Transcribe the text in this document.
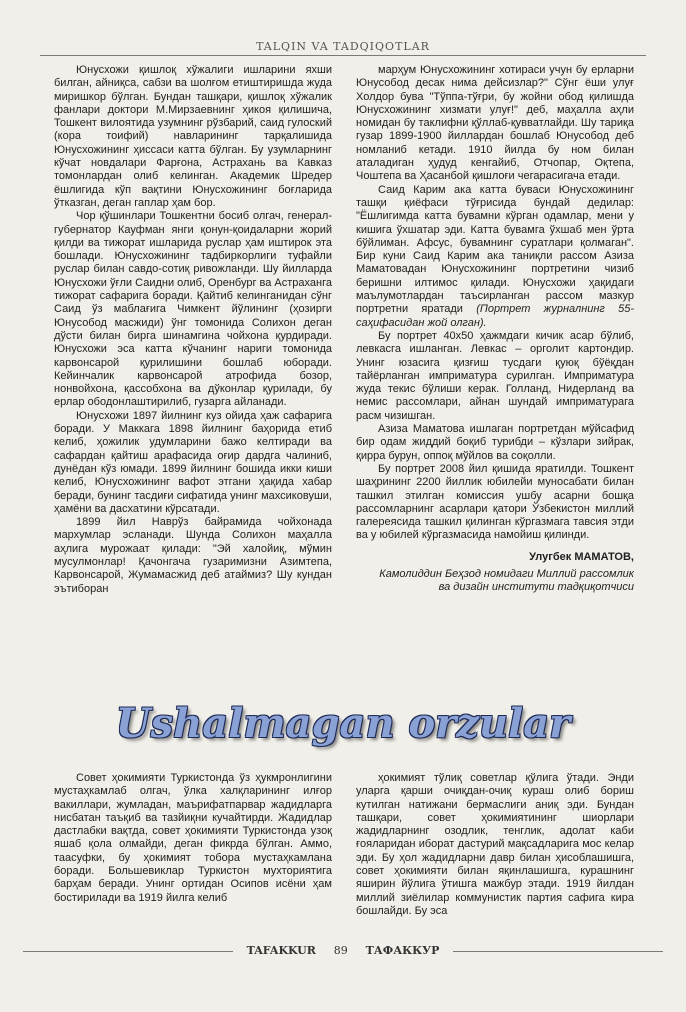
TALQIN VA TADQIQOTLAR

Юнусхожи қишлоқ хўжалиги ишларини яхши билган, айниқса, сабзи ва шолғом етиштиришда жуда миришкор бўлган. Бундан ташқари, қишлоқ хўжалик фанлари доктори М.Мирзаевнинг ҳикоя қилишича, Тошкент вилоятида узумнинг рўзбарий, саид гулоский (кора тоифий) навларининг тарқалишида Юнусхожининг ҳиссаси катта бўлган. Бу узумларнинг кўчат новдалари Фарғона, Астрахань ва Кавказ томонлардан олиб келинган. Академик Шредер ёшлигида кўп вақтини Юнусхожининг боғларида ўтказган, деган гаплар ҳам бор.

Чор қўшинлари Тошкентни босиб олгач, генерал-губернатор Кауфман янги қонун-қоидаларни жорий қилди ва тижорат ишларида руслар ҳам иштирок эта бошлади. Юнусхожининг тадбиркорлиги туфайли руслар билан савдо-сотиқ ривожланди. Шу йилларда Юнусхожи ўғли Саидни олиб, Оренбург ва Астраханга тижорат сафарига боради. Қайтиб келинганидан сўнг Саид ўз маблағига Чимкент йўлининг (ҳозирги Юнусобод масжиди) ўнг томонида Солихон деган дўсти билан бирга шинамгина чойхона қурдиради. Юнусхожи эса катта кўчанинг нариги томонида карвонсарой қурилишини бошлаб юборади. Кейинчалик карвонсарой атрофида бозор, нонвойхона, қассобхона ва дўконлар қурилади, бу ерлар ободонлаштирилиб, гузарга айланади.

Юнусхожи 1897 йилнинг куз ойида ҳаж сафарига боради. У Маккага 1898 йилнинг баҳорида етиб келиб, ҳожилик удумларини бажо келтиради ва сафардан қайтиш арафасида оғир дардга чалиниб, дунёдан кўз юмади. 1899 йилнинг бошида икки киши келиб, Юнусхожининг вафот этгани ҳақида хабар беради, бунинг тасдиғи сифатида унинг махсиковуши, ҳамёни ва дасхатини кўрсатади.

1899 йил Наврўз байрамида чойхонада мархумлар эсланади. Шунда Солихон маҳалла аҳлига мурожаат қилади: "Эй халойиқ, мўмин мусулмонлар! Қачонгача гузаримизни Азимтепа, Карвонсарой, Жумамасжид деб атаймиз? Шу кундан эътиборан

марҳум Юнусхожининг хотираси учун бу ерларни Юнусобод десак нима дейсизлар?" Сўнг ёши улуғ Холдор бува "Тўппа-тўғри, бу жойни обод қилишда Юнусхожининг хизмати улуғ!" деб, маҳалла аҳли номидан бу таклифни қўллаб-қувватлайди. Шу тариқа гузар 1899-1900 йиллардан бошлаб Юнусобод деб номланиб кетади. 1910 йилда бу ном билан аталадиган ҳудуд кенгайиб, Отчопар, Оқтепа, Чоштепа ва Ҳасанбой қишлоғи чегарасигача етади.

Саид Карим ака катта буваси Юнусхожининг ташқи қиёфаси тўғрисида бундай дедилар: "Ёшлигимда катта бувамни кўрган одамлар, мени у кишига ўхшатар эди. Катта бувамга ўхшаб мен ўрта бўйлиман. Афсус, бувамнинг суратлари қолмаган". Бир куни Саид Карим ака таниқли рассом Азиза Маматовадан Юнусхожининг портретини чизиб беришни илтимос қилади. Юнусхожи ҳақидаги маълумотлардан таъсирланган рассом мазкур портретни яратади (Портрет журналнинг 55-саҳифасидан жой олган).

Бу портрет 40х50 ҳажмдаги кичик асар бўлиб, левкасга ишланган. Левкас – орголит картондир. Унинг юзасига қизғиш тусдаги қуюқ бўёқдан тайёрланган имприматура сурилган. Имприматура жуда текис бўлиши керак. Голланд, Нидерланд ва немис рассомлари, айнан шундай имприматурага расм чизишган.

Азиза Маматова ишлаган портретдан мўйсафид бир одам жиддий боқиб турибди – кўзлари зийрак, қирра бурун, оппоқ мўйлов ва соқолли.

Бу портрет 2008 йил қишида яратилди. Тошкент шаҳрининг 2200 йиллик юбилейи муносабати билан ташкил этилган комиссия ушбу асарни бошқа рассомларнинг асарлари қатори Ўзбекистон миллий галереясида ташкил қилинган кўргазмага тавсия этди ва у юбилей кўргазмасида намойиш қилинди.

Улугбек МАМАТОВ,
Камолиддин Беҳзод номидаги Миллий рассомлик
ва дизайн институти тадқиқотчиси
Ushalmagan orzular

Совет ҳокимияти Туркистонда ўз ҳукмронлигини мустаҳкамлаб олгач, ўлка халқларининг илғор вакиллари, жумладан, маърифатпарвар жадидларга нисбатан таъқиб ва тазйиқни кучайтирди. Жадидлар дастлабки вақтда, совет ҳокимияти Туркистонда узоқ яшаб қола олмайди, деган фикрда бўлган. Аммо, таасуфки, бу ҳокимият тобора мустаҳкамлана боради. Большевиклар Туркистон мухториятига барҳам беради. Унинг ортидан Осипов исёни ҳам бостирилади ва 1919 йилга келиб

ҳокимият тўлиқ советлар қўлига ўтади. Энди уларга қарши очиқдан-очиқ кураш олиб бориш кутилган натижани бермаслиги аниқ эди. Бундан ташқари, совет ҳокимиятининг шиорлари жадидларнинг озодлик, тенглик, адолат каби ғояларидан иборат дастурий мақсадларига мос келар эди. Бу ҳол жадидларни давр билан ҳисоблашишга, совет ҳокимияти билан яқинлашишга, курашнинг яширин йўлига ўтишга мажбур этади. 1919 йилдан миллий зиёлилар коммунистик партия сафига кира бошлайди. Бу эса

TAFAKKUR 89 ТАФАККУР
